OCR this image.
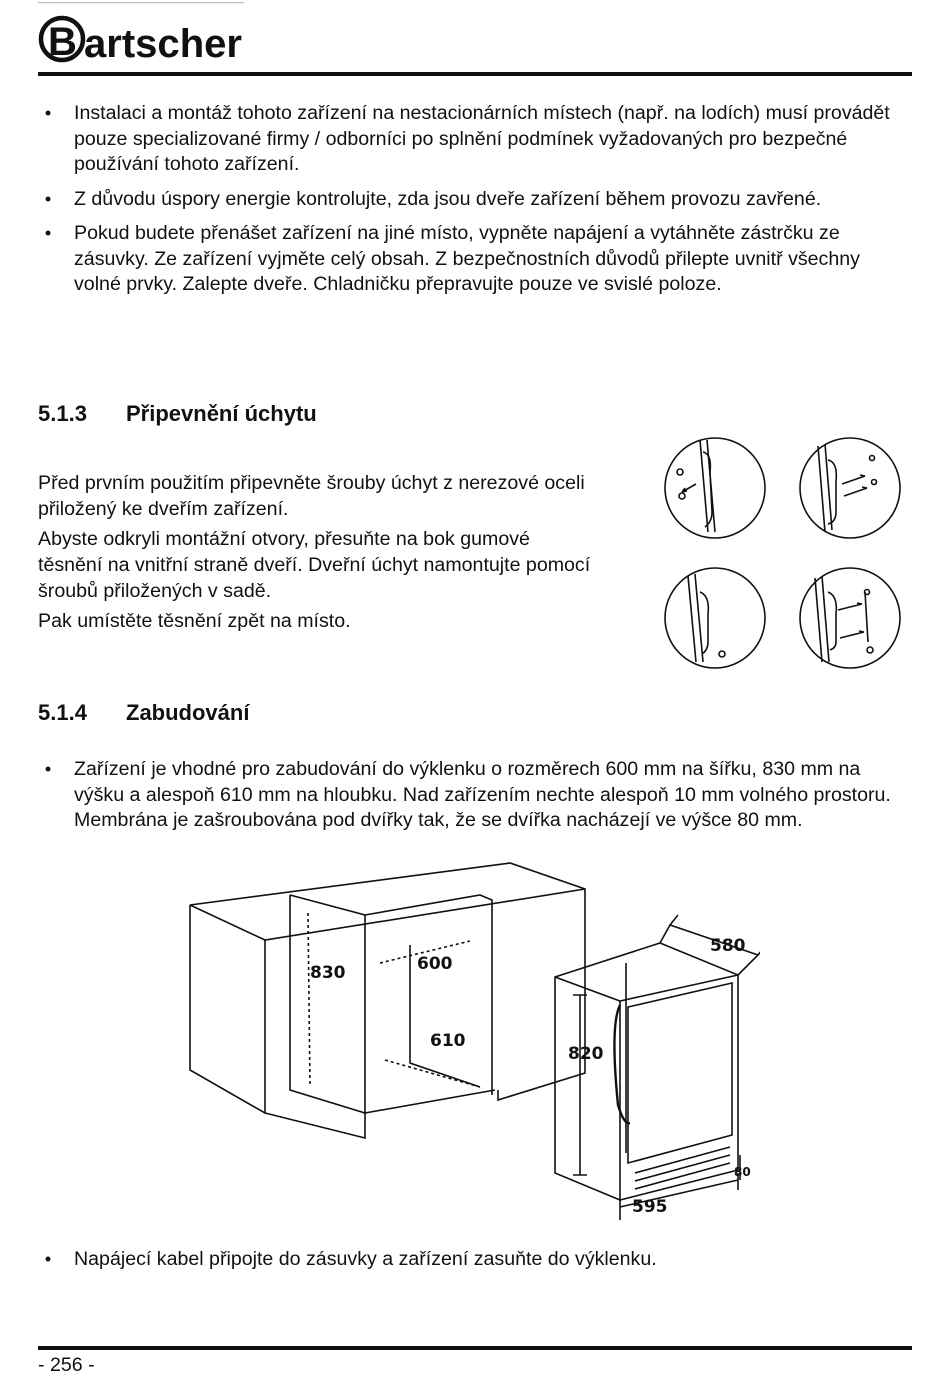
B artscher
•	Instalaci a montáž tohoto zařízení na nestacionárních místech (např. na lodích) musí provádět pouze specializované firmy / odborníci po splnění podmínek vyžadovaných pro bezpečné používání tohoto zařízení.
•	Z důvodu úspory energie kontrolujte, zda jsou dveře zařízení během provozu zavřené.
•	Pokud budete přenášet zařízení na jiné místo, vypněte napájení a vytáhněte zástrčku ze zásuvky. Ze zařízení vyjměte celý obsah. Z bezpečnostních důvodů přilepte uvnitř všechny volné prvky. Zalepte dveře. Chladničku přepravujte pouze ve svislé poloze.
5.1.3 Připevnění úchytu

Před prvním použitím připevněte šrouby úchyt z nerezové oceli přiložený ke dveřím zařízení.

Abyste odkryli montážní otvory, přesuňte na bok gumové těsnění na vnitřní straně dveří. Dveřní úchyt namontujte pomocí šroubů přiložených v sadě.

Pak umístěte těsnění zpět na místo.

5.1.4 Zabudování
•	Zařízení je vhodné pro zabudování do výklenku o rozměrech 600 mm na šířku, 830 mm na výšku a alespoň 610 mm na hloubku. Nad zařízením nechte alespoň 10 mm volného prostoru. Membrána je zašroubována pod dvířky tak, že se dvířka nacházejí ve výšce 80 mm.
830	600
610
580
820
595
80
•	Napájecí kabel připojte do zásuvky a zařízení zasuňte do výklenku.
- 256 -
